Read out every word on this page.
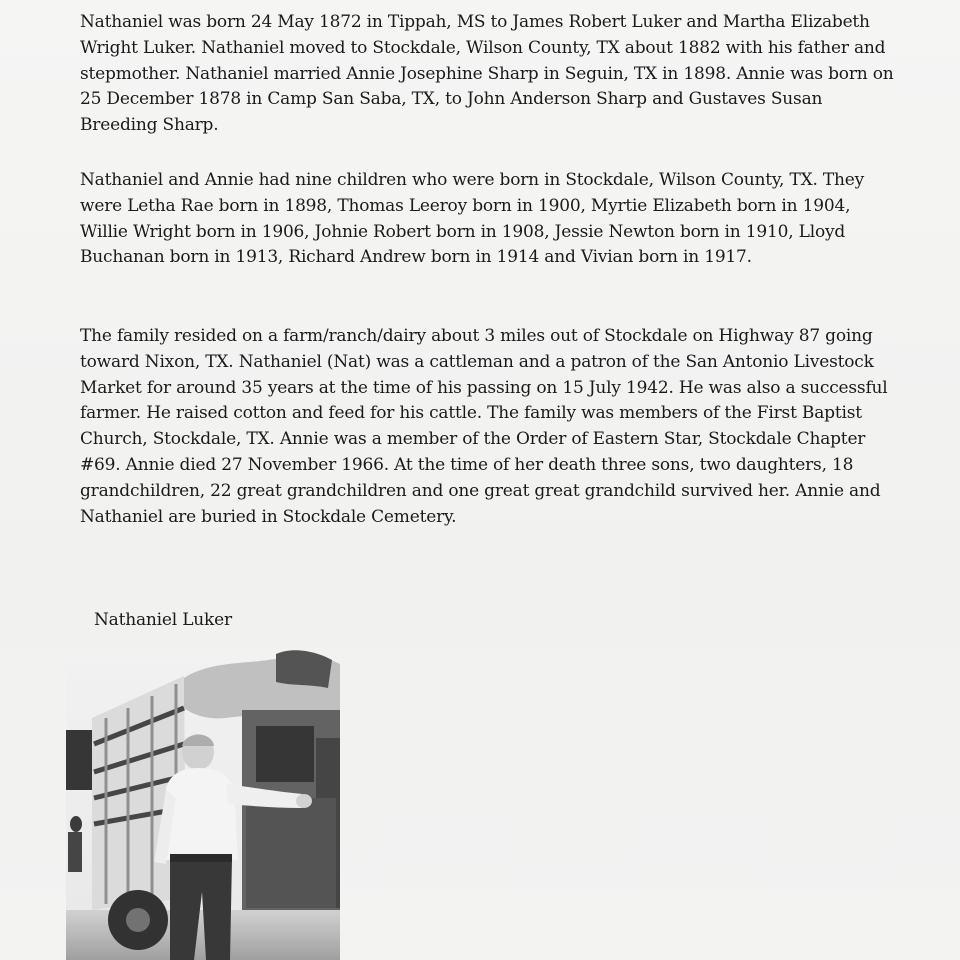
Nathaniel was born 24 May 1872 in Tippah, MS to James Robert Luker and Martha Elizabeth Wright Luker. Nathaniel moved to Stockdale, Wilson County, TX about 1882 with his father and stepmother. Nathaniel married Annie Josephine Sharp in Seguin, TX in 1898. Annie was born on 25 December 1878 in Camp San Saba, TX, to John Anderson Sharp and Gustaves Susan Breeding Sharp.

Nathaniel and Annie had nine children who were born in Stockdale, Wilson County, TX. They were Letha Rae born in 1898, Thomas Leeroy born in 1900, Myrtie Elizabeth born in 1904, Willie Wright born in 1906, Johnie Robert born in 1908, Jessie Newton born in 1910, Lloyd Buchanan born in 1913, Richard Andrew born in 1914 and Vivian born in 1917.

The family resided on a farm/ranch/dairy about 3 miles out of Stockdale on Highway 87 going toward Nixon, TX. Nathaniel (Nat) was a cattleman and a patron of the San Antonio Livestock Market for around 35 years at the time of his passing on 15 July 1942. He was also a successful farmer. He raised cotton and feed for his cattle. The family was members of the First Baptist Church, Stockdale, TX. Annie was a member of the Order of Eastern Star, Stockdale Chapter #69. Annie died 27 November 1966. At the time of her death three sons, two daughters, 18 grandchildren, 22 great grandchildren and one great great grandchild survived her. Annie and Nathaniel are buried in Stockdale Cemetery.

Nathaniel Luker
